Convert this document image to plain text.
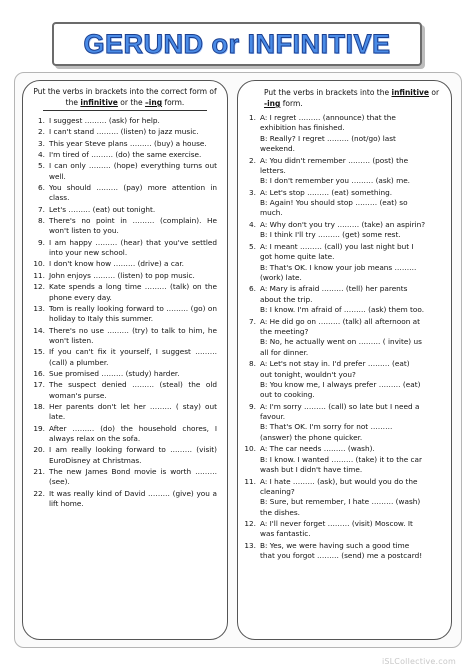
GERUND or INFINITIVE
Put the verbs in brackets into the correct form of the infinitive or the –ing form.
1. I suggest ……… (ask) for help.
2. I can't stand ……… (listen) to jazz music.
3. This year Steve plans ……… (buy) a house.
4. I'm tired of ……… (do) the same exercise.
5. I can only ……… (hope) everything turns out well.
6. You should ……… (pay) more attention in class.
7. Let's ……… (eat) out tonight.
8. There's no point in ……… (complain). He won't listen to you.
9. I am happy ……… (hear) that you've settled into your new school.
10. I don't know how ……… (drive) a car.
11. John enjoys ……… (listen) to pop music.
12. Kate spends a long time ……… (talk) on the phone every day.
13. Tom is really looking forward to ……… (go) on holiday to Italy this summer.
14. There's no use ……… (try) to talk to him, he won't listen.
15. If you can't fix it yourself, I suggest ……… (call) a plumber.
16. Sue promised ……… (study) harder.
17. The suspect denied ……… (steal) the old woman's purse.
18. Her parents don't let her ……… ( stay) out late.
19. After ……… (do) the household chores, I always relax on the sofa.
20. I am really looking forward to ……… (visit) EuroDisney at Christmas.
21. The new James Bond movie is worth ……… (see).
22. It was really kind of David ……… (give) you a lift home.
Put the verbs in brackets into the infinitive or -ing form.
1. A: I regret ……… (announce) that the
exhibition has finished.
B: Really? I regret ……… (not/go) last
weekend.
2. A: You didn't remember ……… (post) the
letters.
B: I don't remember you ……… (ask) me.
3. A: Let's stop ……… (eat) something.
B: Again! You should stop ……… (eat) so
much.
4. A: Why don't you try ……… (take) an aspirin?
B: I think I'll try ……… (get) some rest.
5. A: I meant ……… (call) you last night but I
got home quite late.
B: That's OK. I know your job means ………
(work) late.
6. A: Mary is afraid ……… (tell) her parents
about the trip.
B: I know. I'm afraid of ……… (ask) them too.
7. A: He did go on ……… (talk) all afternoon at
the meeting?
B: No, he actually went on ……… ( invite) us
all for dinner.
8. A: Let's not stay in. I'd prefer ……… (eat)
out tonight, wouldn't you?
B: You know me, I always prefer ……… (eat)
out to cooking.
9. A: I'm sorry ……… (call) so late but I need a
favour.
B: That's OK. I'm sorry for not ………
(answer) the phone quicker.
10. A: The car needs ……… (wash).
B: I know. I wanted ……… (take) it to the car
wash but I didn't have time.
11. A: I hate ……… (ask), but would you do the
cleaning?
B: Sure, but remember, I hate ……… (wash)
the dishes.
12. A: I'll never forget ……… (visit) Moscow. It
was fantastic.
13. B: Yes, we were having such a good time
that you forgot ……… (send) me a postcard!
iSLCollective.com
